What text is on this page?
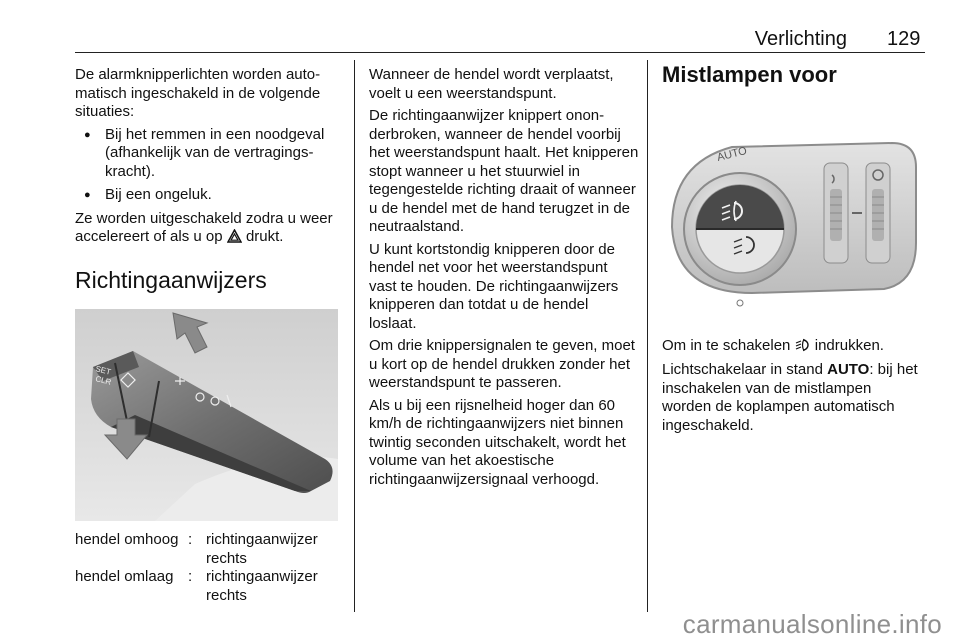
Verlichting 129

De alarmknipperlichten worden automatisch ingeschakeld in de volgende situaties:

● Bij het remmen in een noodgeval (afhankelijk van de vertragingskracht).
● Bij een ongeluk.

Ze worden uitgeschakeld zodra u weer accelereert of als u op drukt.

Richtingaanwijzers
SET
CLR
hendel omhoog : richtingaanwijzer rechts
hendel omlaag : richtingaanwijzer rechts

Wanneer de hendel wordt verplaatst, voelt u een weerstandspunt.

De richtingaanwijzer knippert ononderbroken, wanneer de hendel voorbij het weerstandspunt haalt. Het knipperen stopt wanneer u het stuurwiel in tegengestelde richting draait of wanneer u de hendel met de hand terugzet in de neutraalstand.

U kunt kortstondig knipperen door de hendel net voor het weerstandspunt vast te houden. De richtingaanwijzers knipperen dan totdat u de hendel loslaat.

Om drie knippersignalen te geven, moet u kort op de hendel drukken zonder het weerstandspunt te passeren.

Als u bij een rijsnelheid hoger dan 60 km/h de richtingaanwijzers niet binnen twintig seconden uitschakelt, wordt het volume van het akoestische richtingaanwijzersignaal verhoogd.

Mistlampen voor
AUTO

Om in te schakelen indrukken.

Lichtschakelaar in stand AUTO: bij het inschakelen van de mistlampen worden de koplampen automatisch ingeschakeld.

carmanualsonline.info
